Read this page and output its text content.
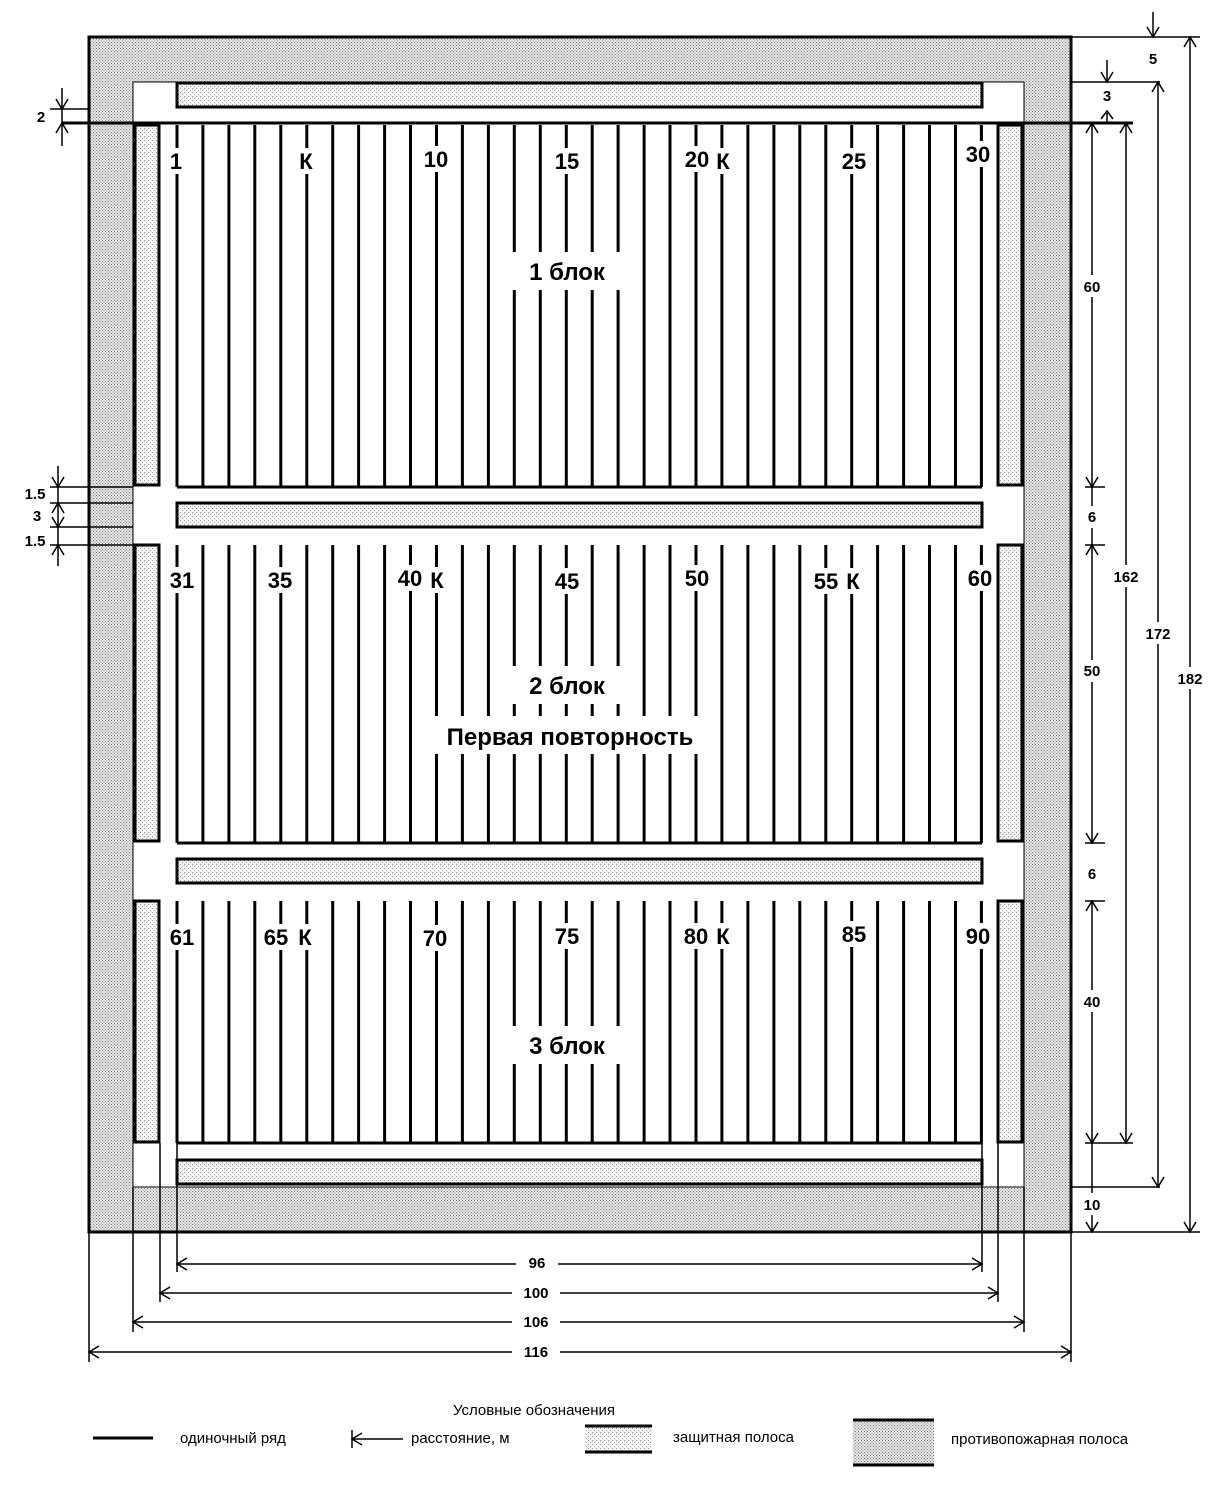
1	К	10	15	20 К	25	30
31	35	40 К	45	50	55 К	60
61	65 К	70	75	80 К	85	90
1 блок
2 блок
Первая повторность
3 блок
5
3
60
6
50
6
40
10
162
172
182
2
1.5
3
1.5
96
100
106
116
Условные обозначения
одиночный ряд	расстояние, м	защитная полоса	противопожарная полоса
